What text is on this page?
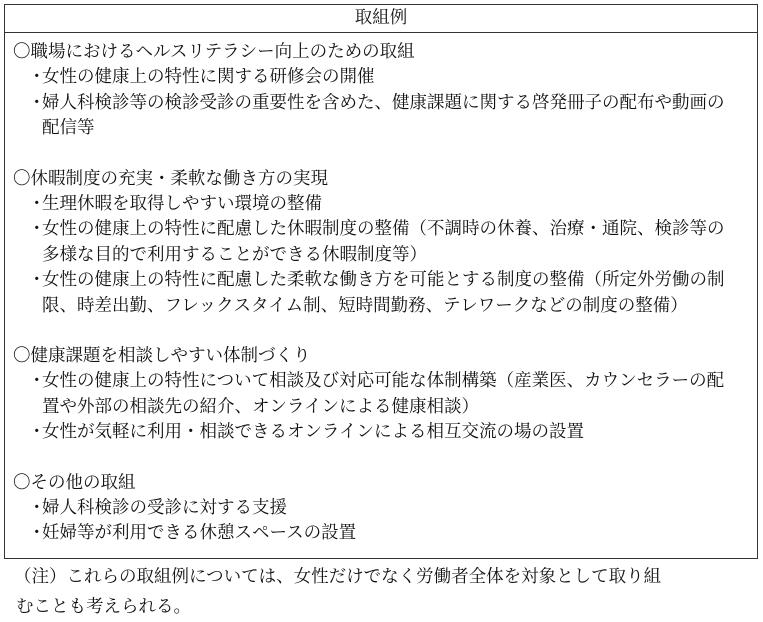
取組例
〇職場におけるヘルスリテラシー向上のための取組
・
女性の健康上の特性に関する研修会の開催
・
婦人科検診等の検診受診の重要性を含めた、健康課題に関する啓発冊子の配布や動画の配信等
〇休暇制度の充実・柔軟な働き方の実現
・
生理休暇を取得しやすい環境の整備
・
女性の健康上の特性に配慮した休暇制度の整備（不調時の休養、治療・通院、検診等の多様な目的で利用することができる休暇制度等）
・
女性の健康上の特性に配慮した柔軟な働き方を可能とする制度の整備（所定外労働の制限、時差出勤、フレックスタイム制、短時間勤務、テレワークなどの制度の整備）
〇健康課題を相談しやすい体制づくり
・
女性の健康上の特性について相談及び対応可能な体制構築（産業医、カウンセラーの配置や外部の相談先の紹介、オンラインによる健康相談）
・
女性が気軽に利用・相談できるオンラインによる相互交流の場の設置
〇その他の取組
・
婦人科検診の受診に対する支援
・
妊婦等が利用できる休憩スペースの設置
（注）これらの取組例については、女性だけでなく労働者全体を対象として取り組
むことも考えられる。
